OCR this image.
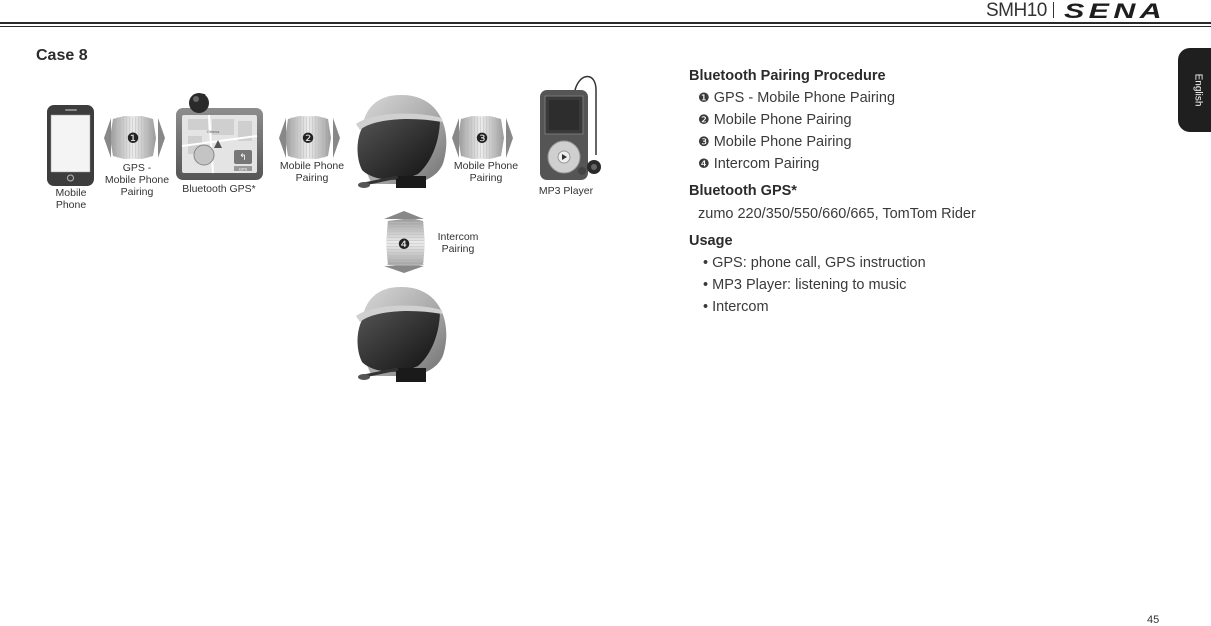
SMH10 SENA
English
Case 8
↰
GPS
Ottawa
❶	❷	❸
❹
Mobile
Phone
GPS -
Mobile Phone
Pairing	Bluetooth GPS*
Mobile Phone
Pairing
Mobile Phone
Pairing
MP3 Player
Intercom
Pairing
Bluetooth Pairing Procedure
❶ GPS - Mobile Phone Pairing
❷ Mobile Phone Pairing
❸ Mobile Phone Pairing
❹ Intercom Pairing
Bluetooth GPS*
zumo 220/350/550/660/665, TomTom Rider
Usage
• GPS: phone call, GPS instruction
• MP3 Player: listening to music
• Intercom
45
